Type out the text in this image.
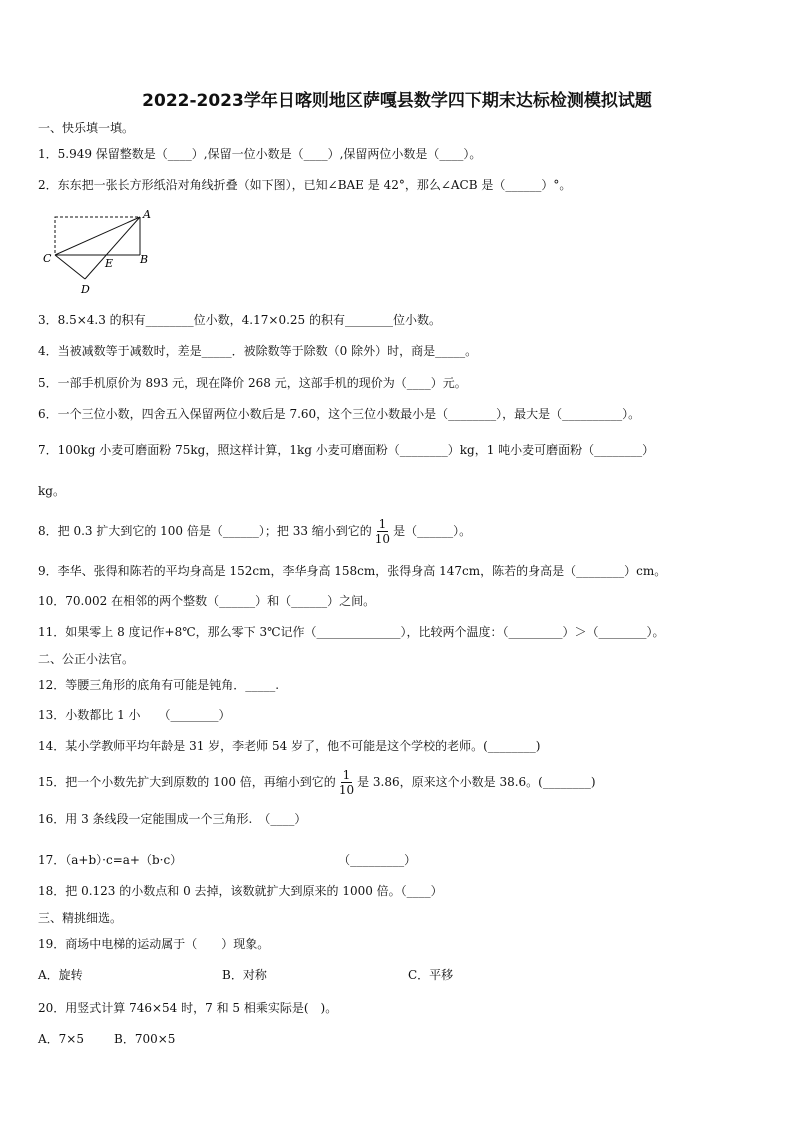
2022-2023学年日喀则地区萨嘎县数学四下期末达标检测模拟试题
一、快乐填一填。
1．5.949 保留整数是（____）,保留一位小数是（____）,保留两位小数是（____）。
2．东东把一张长方形纸沿对角线折叠（如下图），已知∠BAE 是 42°，那么∠ACB 是（______）°。
A
B
C
D
E
3．8.5×4.3 的积有________位小数，4.17×0.25 的积有________位小数。
4．当被减数等于减数时，差是_____．被除数等于除数（0 除外）时，商是_____。
5．一部手机原价为 893 元，现在降价 268 元，这部手机的现价为（____）元。
6．一个三位小数，四舍五入保留两位小数后是 7.60，这个三位小数最小是（________），最大是（__________）。
7．100kg 小麦可磨面粉 75kg，照这样计算，1kg 小麦可磨面粉（________）kg，1 吨小麦可磨面粉（________）
kg。
8．把 0.3 扩大到它的 100 倍是（______）；把 33 缩小到它的 $\frac{1}{10}$ 是（______）。
9．李华、张得和陈若的平均身高是 152cm，李华身高 158cm，张得身高 147cm，陈若的身高是（________）cm。
10．70.002 在相邻的两个整数（______）和（______）之间。
11．如果零上 8 度记作+8℃，那么零下 3℃记作（______________），比较两个温度：（_________）＞（________）。
二、公正小法官。
12．等腰三角形的底角有可能是钝角．_____.
13．小数都比 1 小　　（________）
14．某小学教师平均年龄是 31 岁，李老师 54 岁了，他不可能是这个学校的老师。(________)
15．把一个小数先扩大到原数的 100 倍，再缩小到它的 $\frac{1}{10}$ 是 3.86，原来这个小数是 38.6。(________)
16．用 3 条线段一定能围成一个三角形.　（____）
17．（a+b）·c=a+（b·c）　　　　　　　　　　　　　　（_________）
18．把 0.123 的小数点和 0 去掉，该数就扩大到原来的 1000 倍。（____）
三、精挑细选。
19．商场中电梯的运动属于（　　）现象。
A．旋转	B．对称	C．平移
20．用竖式计算 746×54 时，7 和 5 相乘实际是(　)。
A．7×5	B．700×5
